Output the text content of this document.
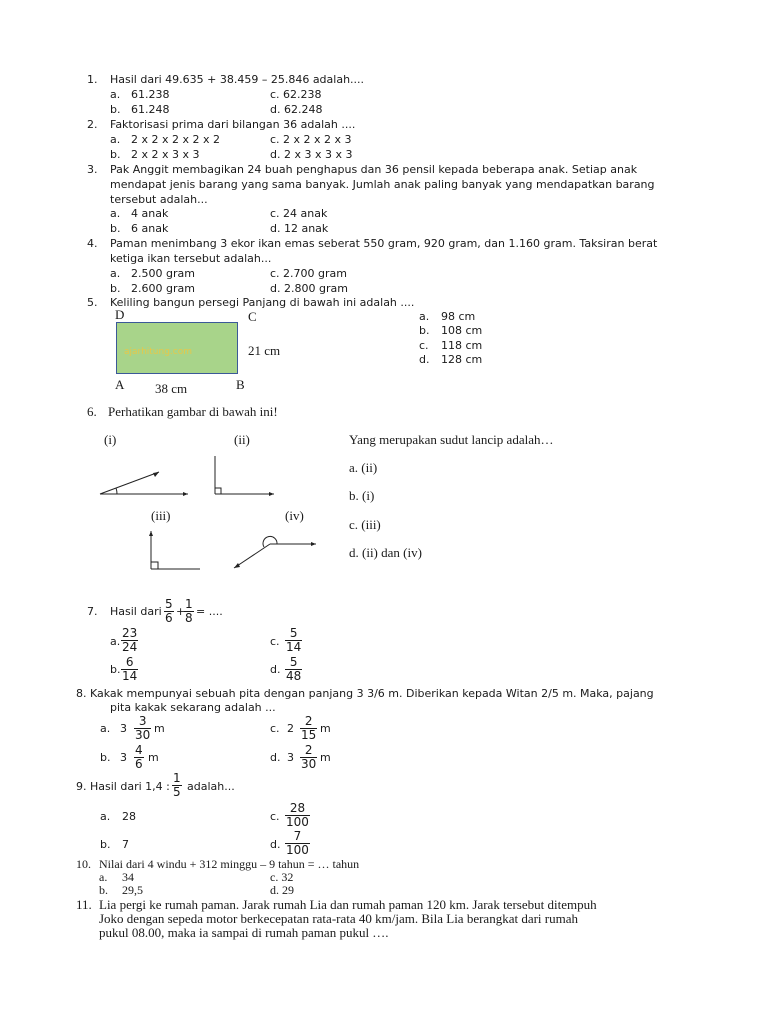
1. Hasil dari 49.635 + 38.459 – 25.846 adalah....
a. 61.238	c. 62.238
b. 61.248	d. 62.248
2. Faktorisasi prima dari bilangan 36 adalah ....
a. 2 x 2 x 2 x 2 x 2	c. 2 x 2 x 2 x 3
b. 2 x 2 x 3 x 3	d. 2 x 3 x 3 x 3
3. Pak Anggit membagikan 24 buah penghapus dan 36 pensil kepada beberapa anak. Setiap anak
mendapat jenis barang yang sama banyak. Jumlah anak paling banyak yang mendapatkan barang
tersebut adalah...
a. 4 anak	c. 24 anak
b. 6 anak	d. 12 anak
4. Paman menimbang 3 ekor ikan emas seberat 550 gram, 920 gram, dan 1.160 gram. Taksiran berat
ketiga ikan tersebut adalah...
a. 2.500 gram	c. 2.700 gram
b. 2.600 gram	d. 2.800 gram
5. Keliling bangun persegi Panjang di bawah ini adalah ....
D	C
ajarhitung.com	21 cm
A	B
38 cm
a. 98 cm
b. 108 cm
c. 118 cm
d. 128 cm
6. Perhatikan gambar di bawah ini!
(i)	(ii)
(iii)	(iv)
Yang merupakan sudut lancip adalah…
a. (ii)
b. (i)
c. (iii)
d. (ii) dan (iv)
7. Hasil dari $\frac{5}{6}$ +
$\frac{1}{8}$ = ....
a. $\frac{23}{24}$	c. $\frac{5}{14}$
b. $\frac{6}{14}$	d. $\frac{5}{48}$
8. Kakak mempunyai sebuah pita dengan panjang 3 3/6 m. Diberikan kepada Witan 2/5 m. Maka, pajang
pita kakak sekarang adalah ...
a. $3 \frac{3}{30}$ m	c. $2 \frac{2}{15}$ m
b. $3 \frac{4}{6}$ m	d. $3 \frac{2}{30}$ m
9. Hasil dari 1,4 : $\frac{1}{5}$ adalah...
a. 28	c. $\frac{28}{100}$
b. 7	d. $\frac{7}{100}$
10. Nilai dari 4 windu + 312 minggu – 9 tahun = … tahun
a. 34	c. 32
b. 29,5	d. 29
11. Lia pergi ke rumah paman. Jarak rumah Lia dan rumah paman 120 km. Jarak tersebut ditempuh
Joko dengan sepeda motor berkecepatan rata-rata 40 km/jam. Bila Lia berangkat dari rumah
pukul 08.00, maka ia sampai di rumah paman pukul ….
